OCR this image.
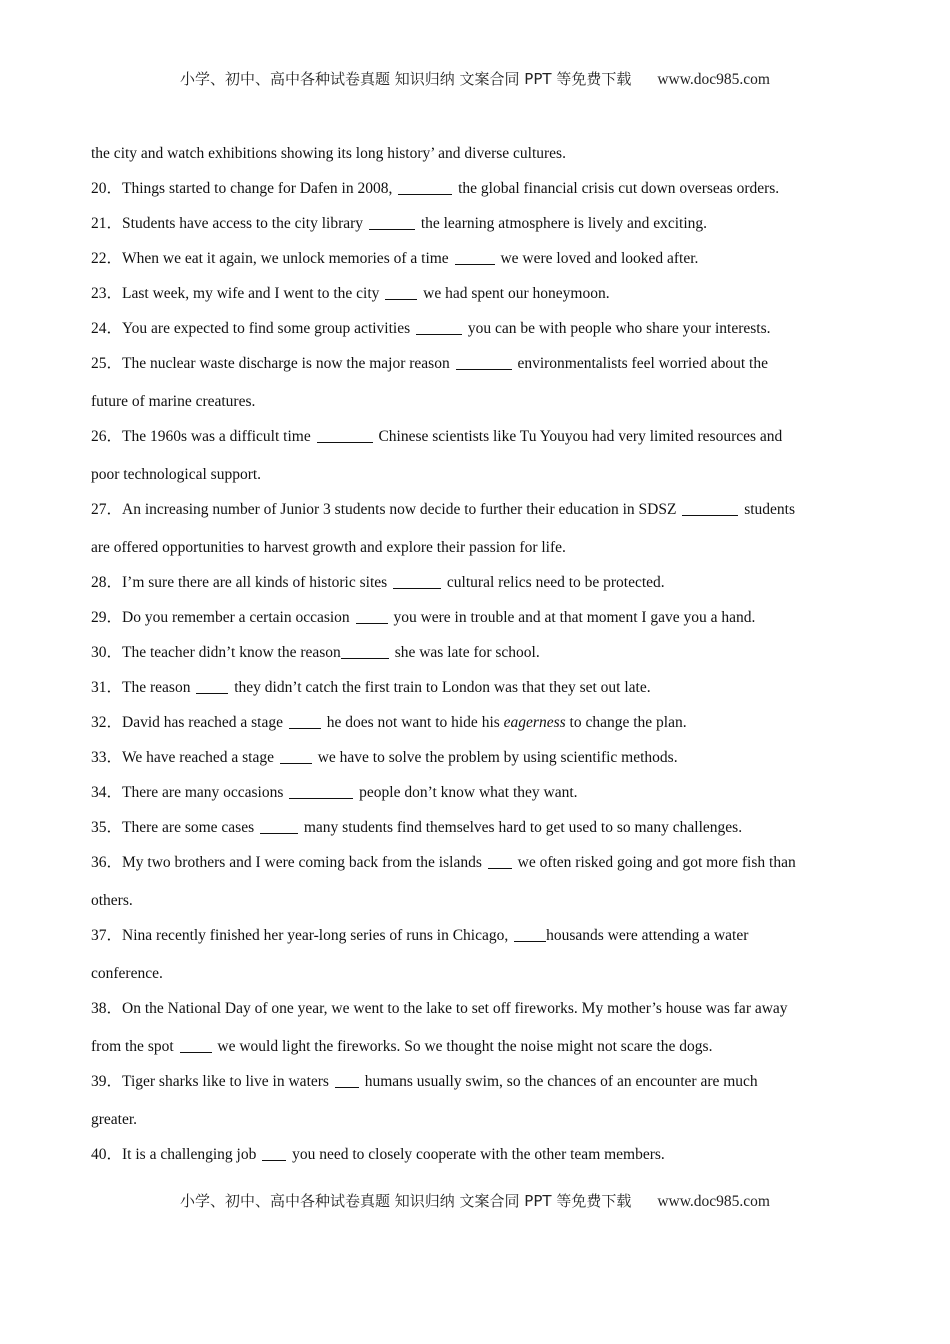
小学、初中、高中各种试卷真题 知识归纳 文案合同 PPT 等免费下载 www.doc985.com
the city and watch exhibitions showing its long history’ and diverse cultures.
20．Things started to change for Dafen in 2008,	the global financial crisis cut down overseas orders.
21．Students have access to the city library	the learning atmosphere is lively and exciting.
22．When we eat it again, we unlock memories of a time	we were loved and looked after.
23．Last week, my wife and I went to the city  we had spent our honeymoon.
24．You are expected to find some group activities	you can be with people who share your interests.
25．The nuclear waste discharge is now the major reason	environmentalists feel worried about the
future of marine creatures.
26．The 1960s was a difficult time	Chinese scientists like Tu Youyou had very limited resources and
poor technological support.
27．An increasing number of Junior 3 students now decide to further their education in SDSZ	students
are offered opportunities to harvest growth and explore their passion for life.
28．I’m sure there are all kinds of historic sites	cultural relics need to be protected.
29．Do you remember a certain occasion  you were in trouble and at that moment I gave you a hand.
30．The teacher didn’t know the reason	she was late for school.
31．The reason  they didn’t catch the first train to London was that they set out late.
32．David has reached a stage  he does not want to hide his eagerness to change the plan.
33．We have reached a stage  we have to solve the problem by using scientific methods.
34．There are many occasions	people don’t know what they want.
35．There are some cases	many students find themselves hard to get used to so many challenges.
36．My two brothers and I were coming back from the islands  we often risked going and got more fish than
others.
37．Nina recently finished her year-long series of runs in Chicago, housands were attending a water
conference.
38．On the National Day of one year, we went to the lake to set off fireworks. My mother’s house was far away
from the spot  we would light the fireworks. So we thought the noise might not scare the dogs.
39．Tiger sharks like to live in waters  humans usually swim, so the chances of an encounter are much
greater.
40．It is a challenging job  you need to closely cooperate with the other team members.
小学、初中、高中各种试卷真题 知识归纳 文案合同 PPT 等免费下载 www.doc985.com
